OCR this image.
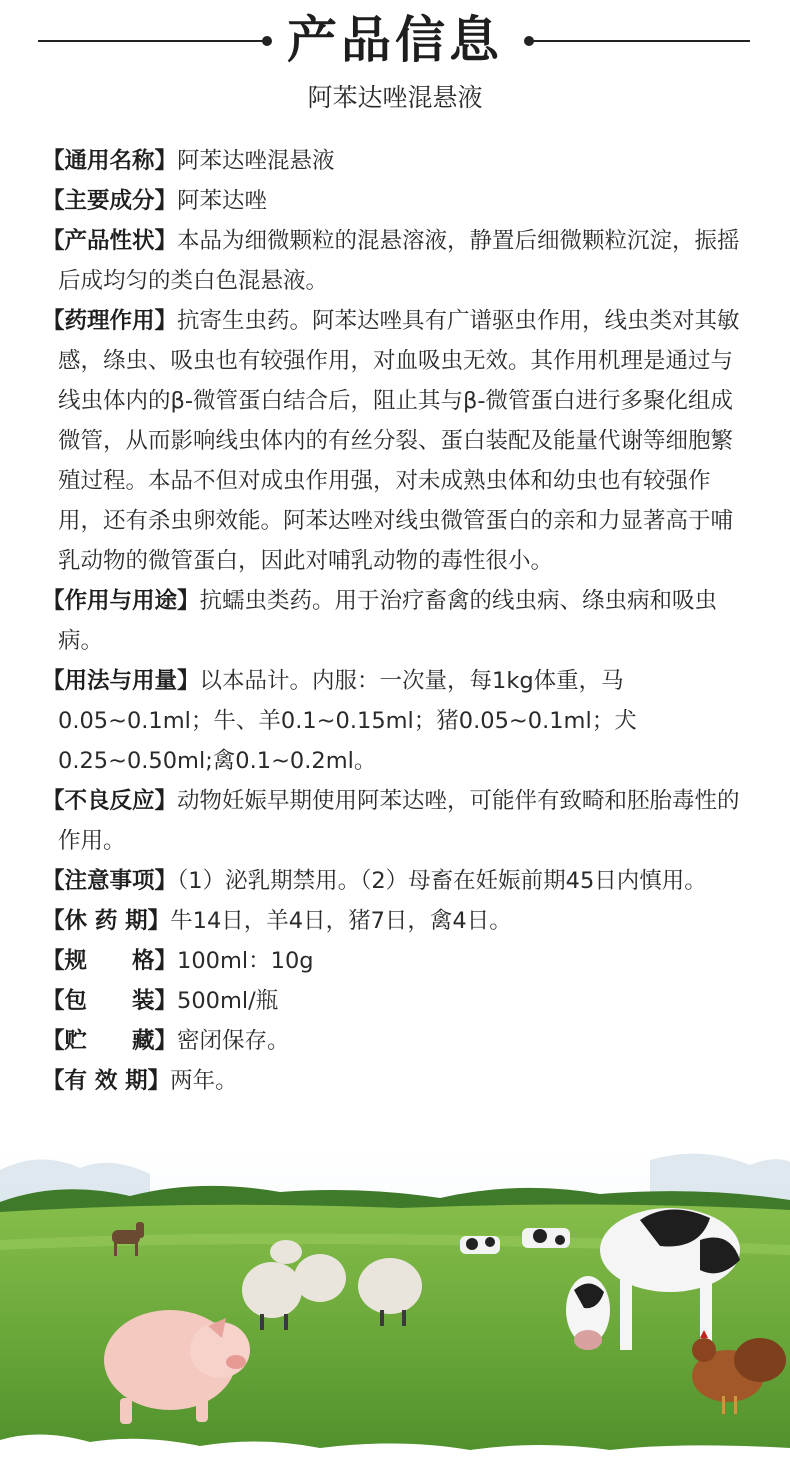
产品信息
阿苯达唑混悬液

【通用名称】阿苯达唑混悬液

【主要成分】阿苯达唑

【产品性状】本品为细微颗粒的混悬溶液，静置后细微颗粒沉淀，振摇后成均匀的类白色混悬液。

【药理作用】抗寄生虫药。阿苯达唑具有广谱驱虫作用，线虫类对其敏感，绦虫、吸虫也有较强作用，对血吸虫无效。其作用机理是通过与线虫体内的β-微管蛋白结合后，阻止其与β-微管蛋白进行多聚化组成微管，从而影响线虫体内的有丝分裂、蛋白装配及能量代谢等细胞繁殖过程。本品不但对成虫作用强，对未成熟虫体和幼虫也有较强作用，还有杀虫卵效能。阿苯达唑对线虫微管蛋白的亲和力显著高于哺乳动物的微管蛋白，因此对哺乳动物的毒性很小。

【作用与用途】抗蠕虫类药。用于治疗畜禽的线虫病、绦虫病和吸虫病。

【用法与用量】以本品计。内服：一次量，每1kg体重，马0.05~0.1ml；牛、羊0.1~0.15ml；猪0.05~0.1ml；犬0.25~0.50ml;禽0.1~0.2ml。

【不良反应】动物妊娠早期使用阿苯达唑，可能伴有致畸和胚胎毒性的作用。

【注意事项】（1）泌乳期禁用。（2）母畜在妊娠前期45日内慎用。

【休 药 期】牛14日，羊4日，猪7日，禽4日。

【规　　格】100ml：10g

【包　　装】500ml/瓶

【贮　　藏】密闭保存。

【有 效 期】两年。
